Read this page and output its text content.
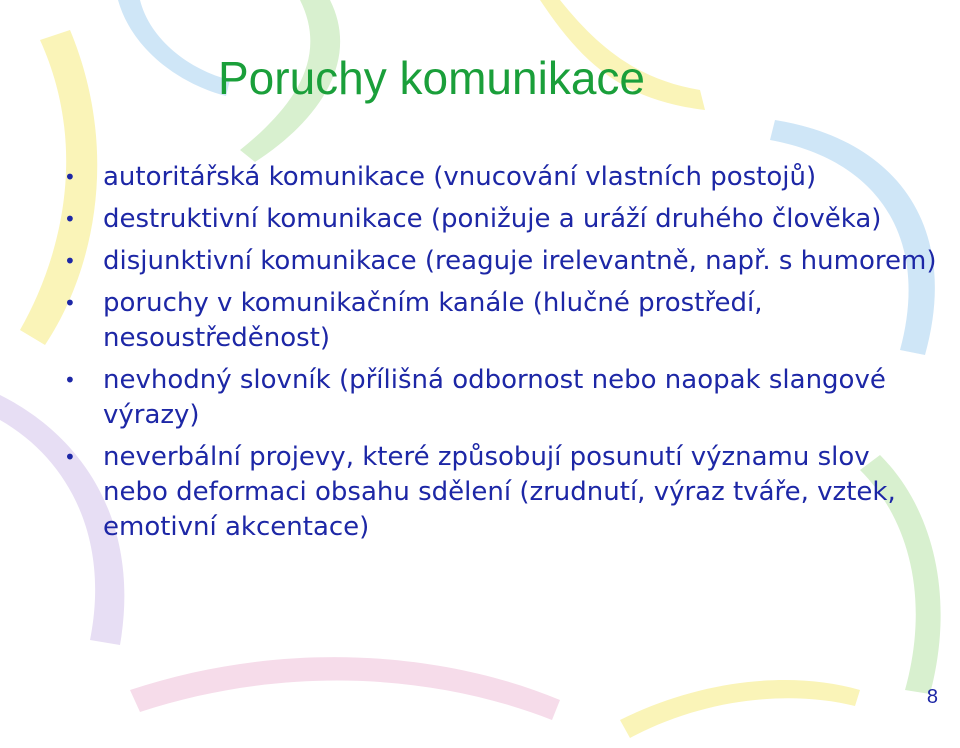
Poruchy komunikace
• autoritářská komunikace (vnucování vlastních postojů)
• destruktivní komunikace (ponižuje a uráží druhého člověka)
• disjunktivní komunikace (reaguje irelevantně, např. s humorem)
• poruchy v komunikačním kanále (hlučné prostředí, nesoustředěnost)
• nevhodný slovník (přílišná odbornost nebo naopak slangové výrazy)
• neverbální projevy, které způsobují posunutí významu slov nebo deformaci obsahu sdělení (zrudnutí, výraz tváře, vztek, emotivní akcentace)
8
